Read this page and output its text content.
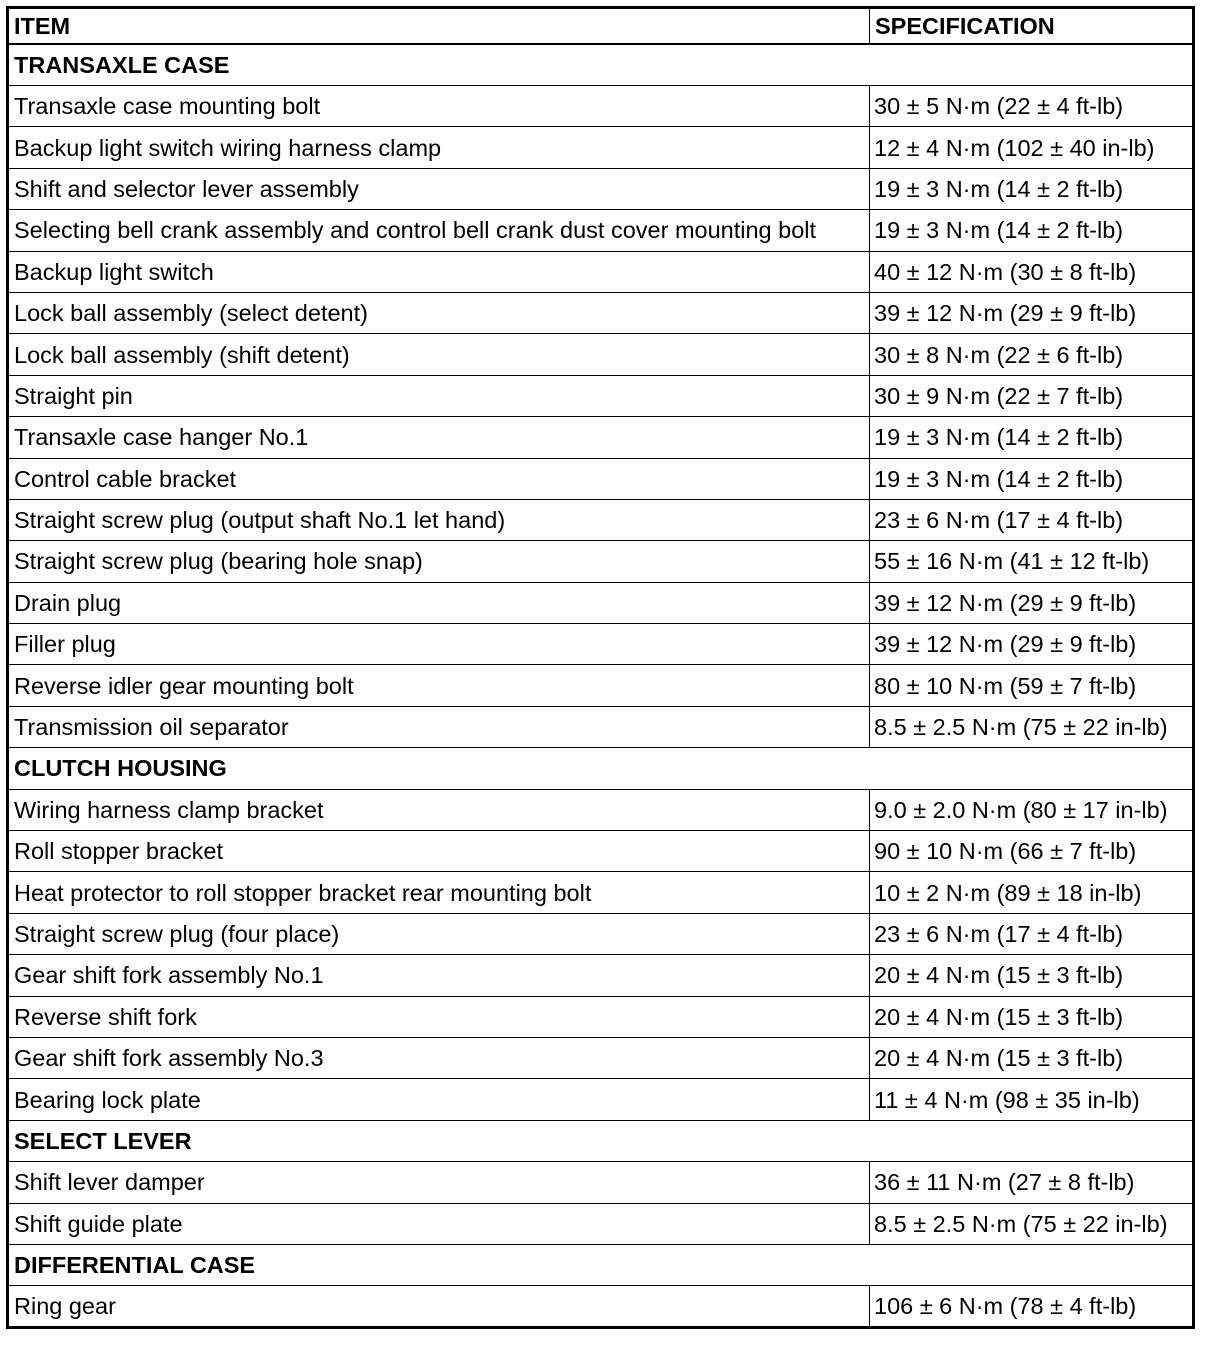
ITEM	SPECIFICATION
TRANSAXLE CASE	
Transaxle case mounting bolt	30 ± 5 N·m (22 ± 4 ft-lb)
Backup light switch wiring harness clamp	12 ± 4 N·m (102 ± 40 in-lb)
Shift and selector lever assembly	19 ± 3 N·m (14 ± 2 ft-lb)
Selecting bell crank assembly and control bell crank dust cover mounting bolt	19 ± 3 N·m (14 ± 2 ft-lb)
Backup light switch	40 ± 12 N·m (30 ± 8 ft-lb)
Lock ball assembly (select detent)	39 ± 12 N·m (29 ± 9 ft-lb)
Lock ball assembly (shift detent)	30 ± 8 N·m (22 ± 6 ft-lb)
Straight pin	30 ± 9 N·m (22 ± 7 ft-lb)
Transaxle case hanger No.1	19 ± 3 N·m (14 ± 2 ft-lb)
Control cable bracket	19 ± 3 N·m (14 ± 2 ft-lb)
Straight screw plug (output shaft No.1 let hand)	23 ± 6 N·m (17 ± 4 ft-lb)
Straight screw plug (bearing hole snap)	55 ± 16 N·m (41 ± 12 ft-lb)
Drain plug	39 ± 12 N·m (29 ± 9 ft-lb)
Filler plug	39 ± 12 N·m (29 ± 9 ft-lb)
Reverse idler gear mounting bolt	80 ± 10 N·m (59 ± 7 ft-lb)
Transmission oil separator	8.5 ± 2.5 N·m (75 ± 22 in-lb)
CLUTCH HOUSING	
Wiring harness clamp bracket	9.0 ± 2.0 N·m (80 ± 17 in-lb)
Roll stopper bracket	90 ± 10 N·m (66 ± 7 ft-lb)
Heat protector to roll stopper bracket rear mounting bolt	10 ± 2 N·m (89 ± 18 in-lb)
Straight screw plug (four place)	23 ± 6 N·m (17 ± 4 ft-lb)
Gear shift fork assembly No.1	20 ± 4 N·m (15 ± 3 ft-lb)
Reverse shift fork	20 ± 4 N·m (15 ± 3 ft-lb)
Gear shift fork assembly No.3	20 ± 4 N·m (15 ± 3 ft-lb)
Bearing lock plate	11 ± 4 N·m (98 ± 35 in-lb)
SELECT LEVER	
Shift lever damper	36 ± 11 N·m (27 ± 8 ft-lb)
Shift guide plate	8.5 ± 2.5 N·m (75 ± 22 in-lb)
DIFFERENTIAL CASE	
Ring gear	106 ± 6 N·m (78 ± 4 ft-lb)
